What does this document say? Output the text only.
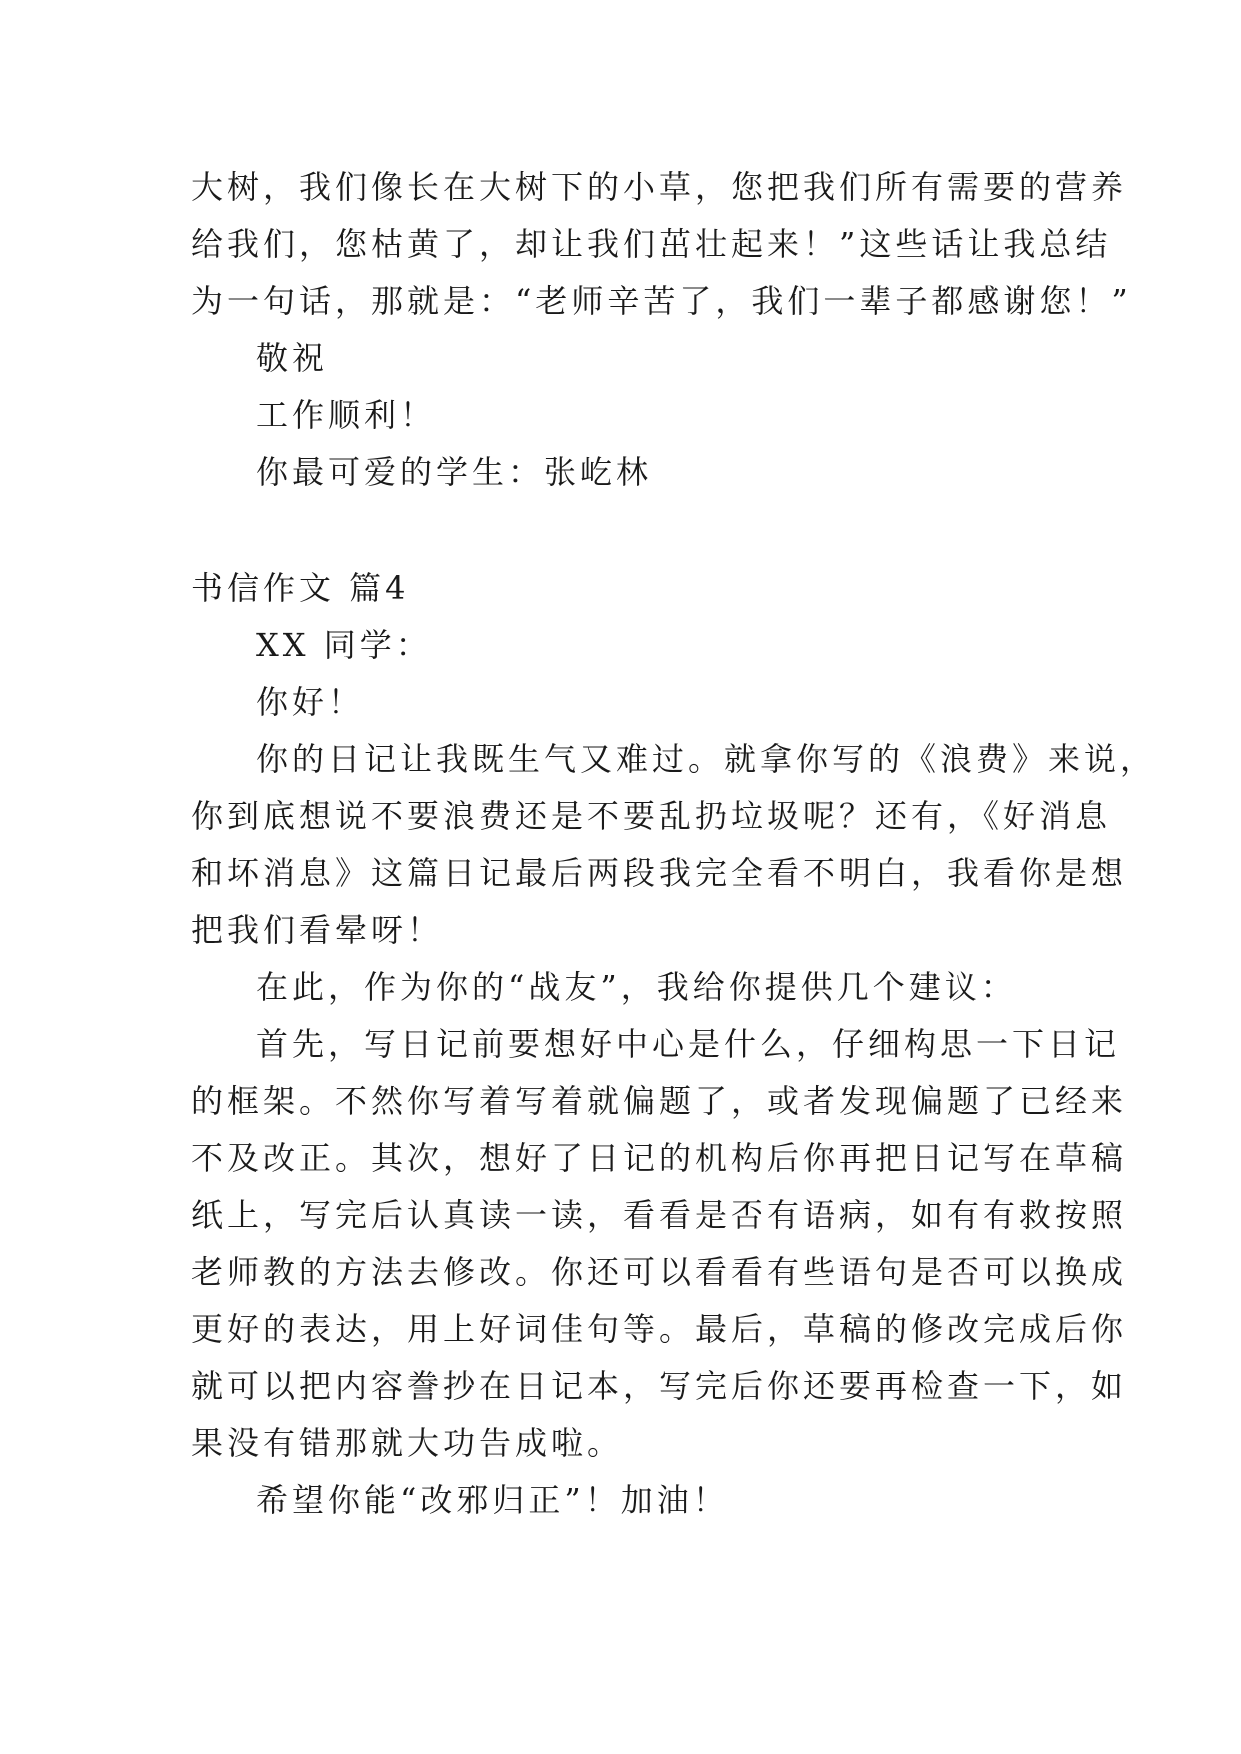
大树，我们像长在大树下的小草，您把我们所有需要的营养
给我们，您枯黄了，却让我们茁壮起来！”这些话让我总结
为一句话，那就是：“老师辛苦了，我们一辈子都感谢您！”
敬祝
工作顺利！
你最可爱的学生：张屹林
书信作文 篇4
XX 同学：
你好！
你的日记让我既生气又难过。就拿你写的《浪费》来说，
你到底想说不要浪费还是不要乱扔垃圾呢？还有，《好消息
和坏消息》这篇日记最后两段我完全看不明白，我看你是想
把我们看晕呀！
在此，作为你的“战友”，我给你提供几个建议：
首先，写日记前要想好中心是什么，仔细构思一下日记
的框架。不然你写着写着就偏题了，或者发现偏题了已经来
不及改正。其次，想好了日记的机构后你再把日记写在草稿
纸上，写完后认真读一读，看看是否有语病，如有有救按照
老师教的方法去修改。你还可以看看有些语句是否可以换成
更好的表达，用上好词佳句等。最后，草稿的修改完成后你
就可以把内容誊抄在日记本，写完后你还要再检查一下，如
果没有错那就大功告成啦。
希望你能“改邪归正”！加油！
